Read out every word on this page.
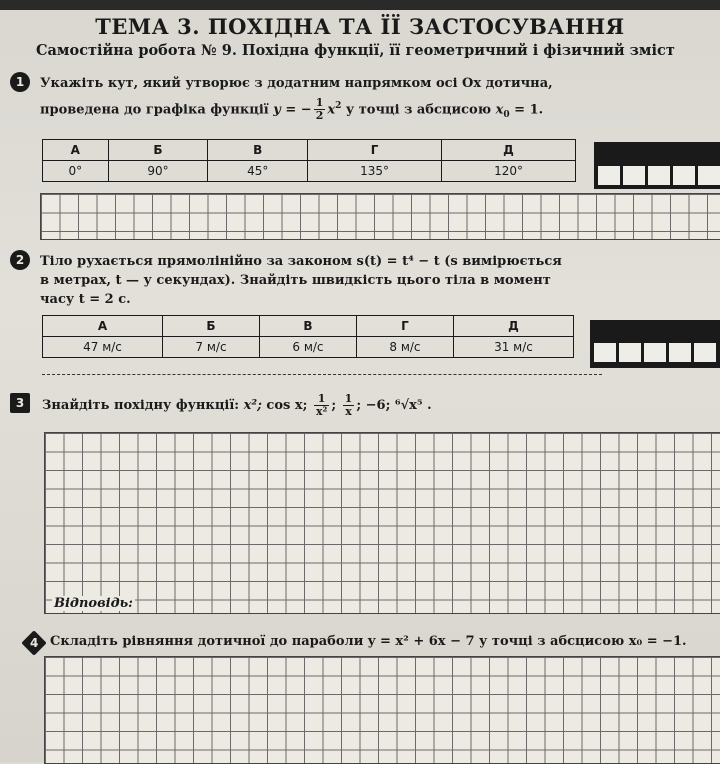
ТЕМА 3. ПОХІДНА ТА ЇЇ ЗАСТОСУВАННЯ
Самостійна робота № 9. Похідна функції, її геометричний і фізичний зміст
1	Укажіть кут, який утворює з додатним напрямком осі Ox дотична,
проведена до графіка функції y = − $\frac{1}{2} x^2$ у точці з абсцисою $x_0 = 1$.
А	Б	В	Г	Д
0°	90°	45°	135°	120°
2	Тіло рухається прямолінійно за законом s(t) = t⁴ − t (s вимірюється
в метрах, t — у секундах). Знайдіть швидкість цього тіла в момент
часу t = 2 с.
А	Б	В	Г	Д
47 м/с	7 м/с	6 м/с	8 м/с	31 м/с
3	Знайдіть похідну функції: x²; cos x; $\frac{1}{\text{x²}}$ ; $\frac{1}{x}$ ; −6; ⁶√x⁵ .
Відповідь:
4 Складіть рівняння дотичної до параболи y = x² + 6x − 7 у точці з абсцисою x₀ = −1.
